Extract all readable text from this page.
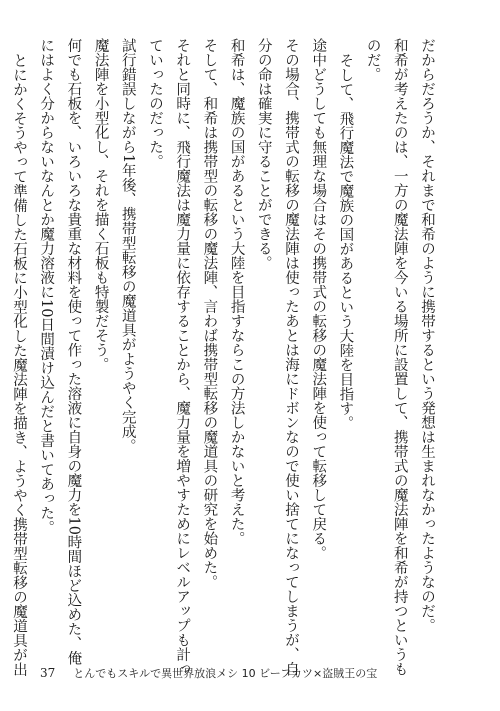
だからだろうか、それまで和希のように携帯するという発想は生まれなかったようなのだ。

和希が考えたのは、一方の魔法陣を今いる場所に設置して、携帯式の魔法陣を和希が持つというものだ。

そして、飛行魔法で魔族の国があるという大陸を目指す。

途中どうしても無理な場合はその携帯式の転移の魔法陣を使って転移して戻る。

その場合、携帯式の転移の魔法陣は使ったあとは海にドボンなので使い捨てになってしまうが、自分の命は確実に守ることができる。

和希は、魔族の国があるという大陸を目指すならこの方法しかないと考えた。

そして、和希は携帯型の転移の魔法陣、言わば携帯型転移の魔道具の研究を始めた。

それと同時に、飛行魔法は魔力量に依存することから、魔力量を増やすためにレベルアップも計っていったのだった。

試行錯誤しながら1年後、携帯型転移の魔道具がようやく完成。

魔法陣を小型化し、それを描く石板も特製だそう。

何でも石板を、いろいろな貴重な材料を使って作った溶液に自身の魔力を10時間ほど込めた、俺にはよく分からないなんとか魔力溶液に10日間漬け込んだと書いてあった。

とにかくそうやって準備した石板に小型化した魔法陣を描き、ようやく携帯型転移の魔道具が出	37 とんでもスキルで異世界放浪メシ 10 ビーフカツ×盗賊王の宝
